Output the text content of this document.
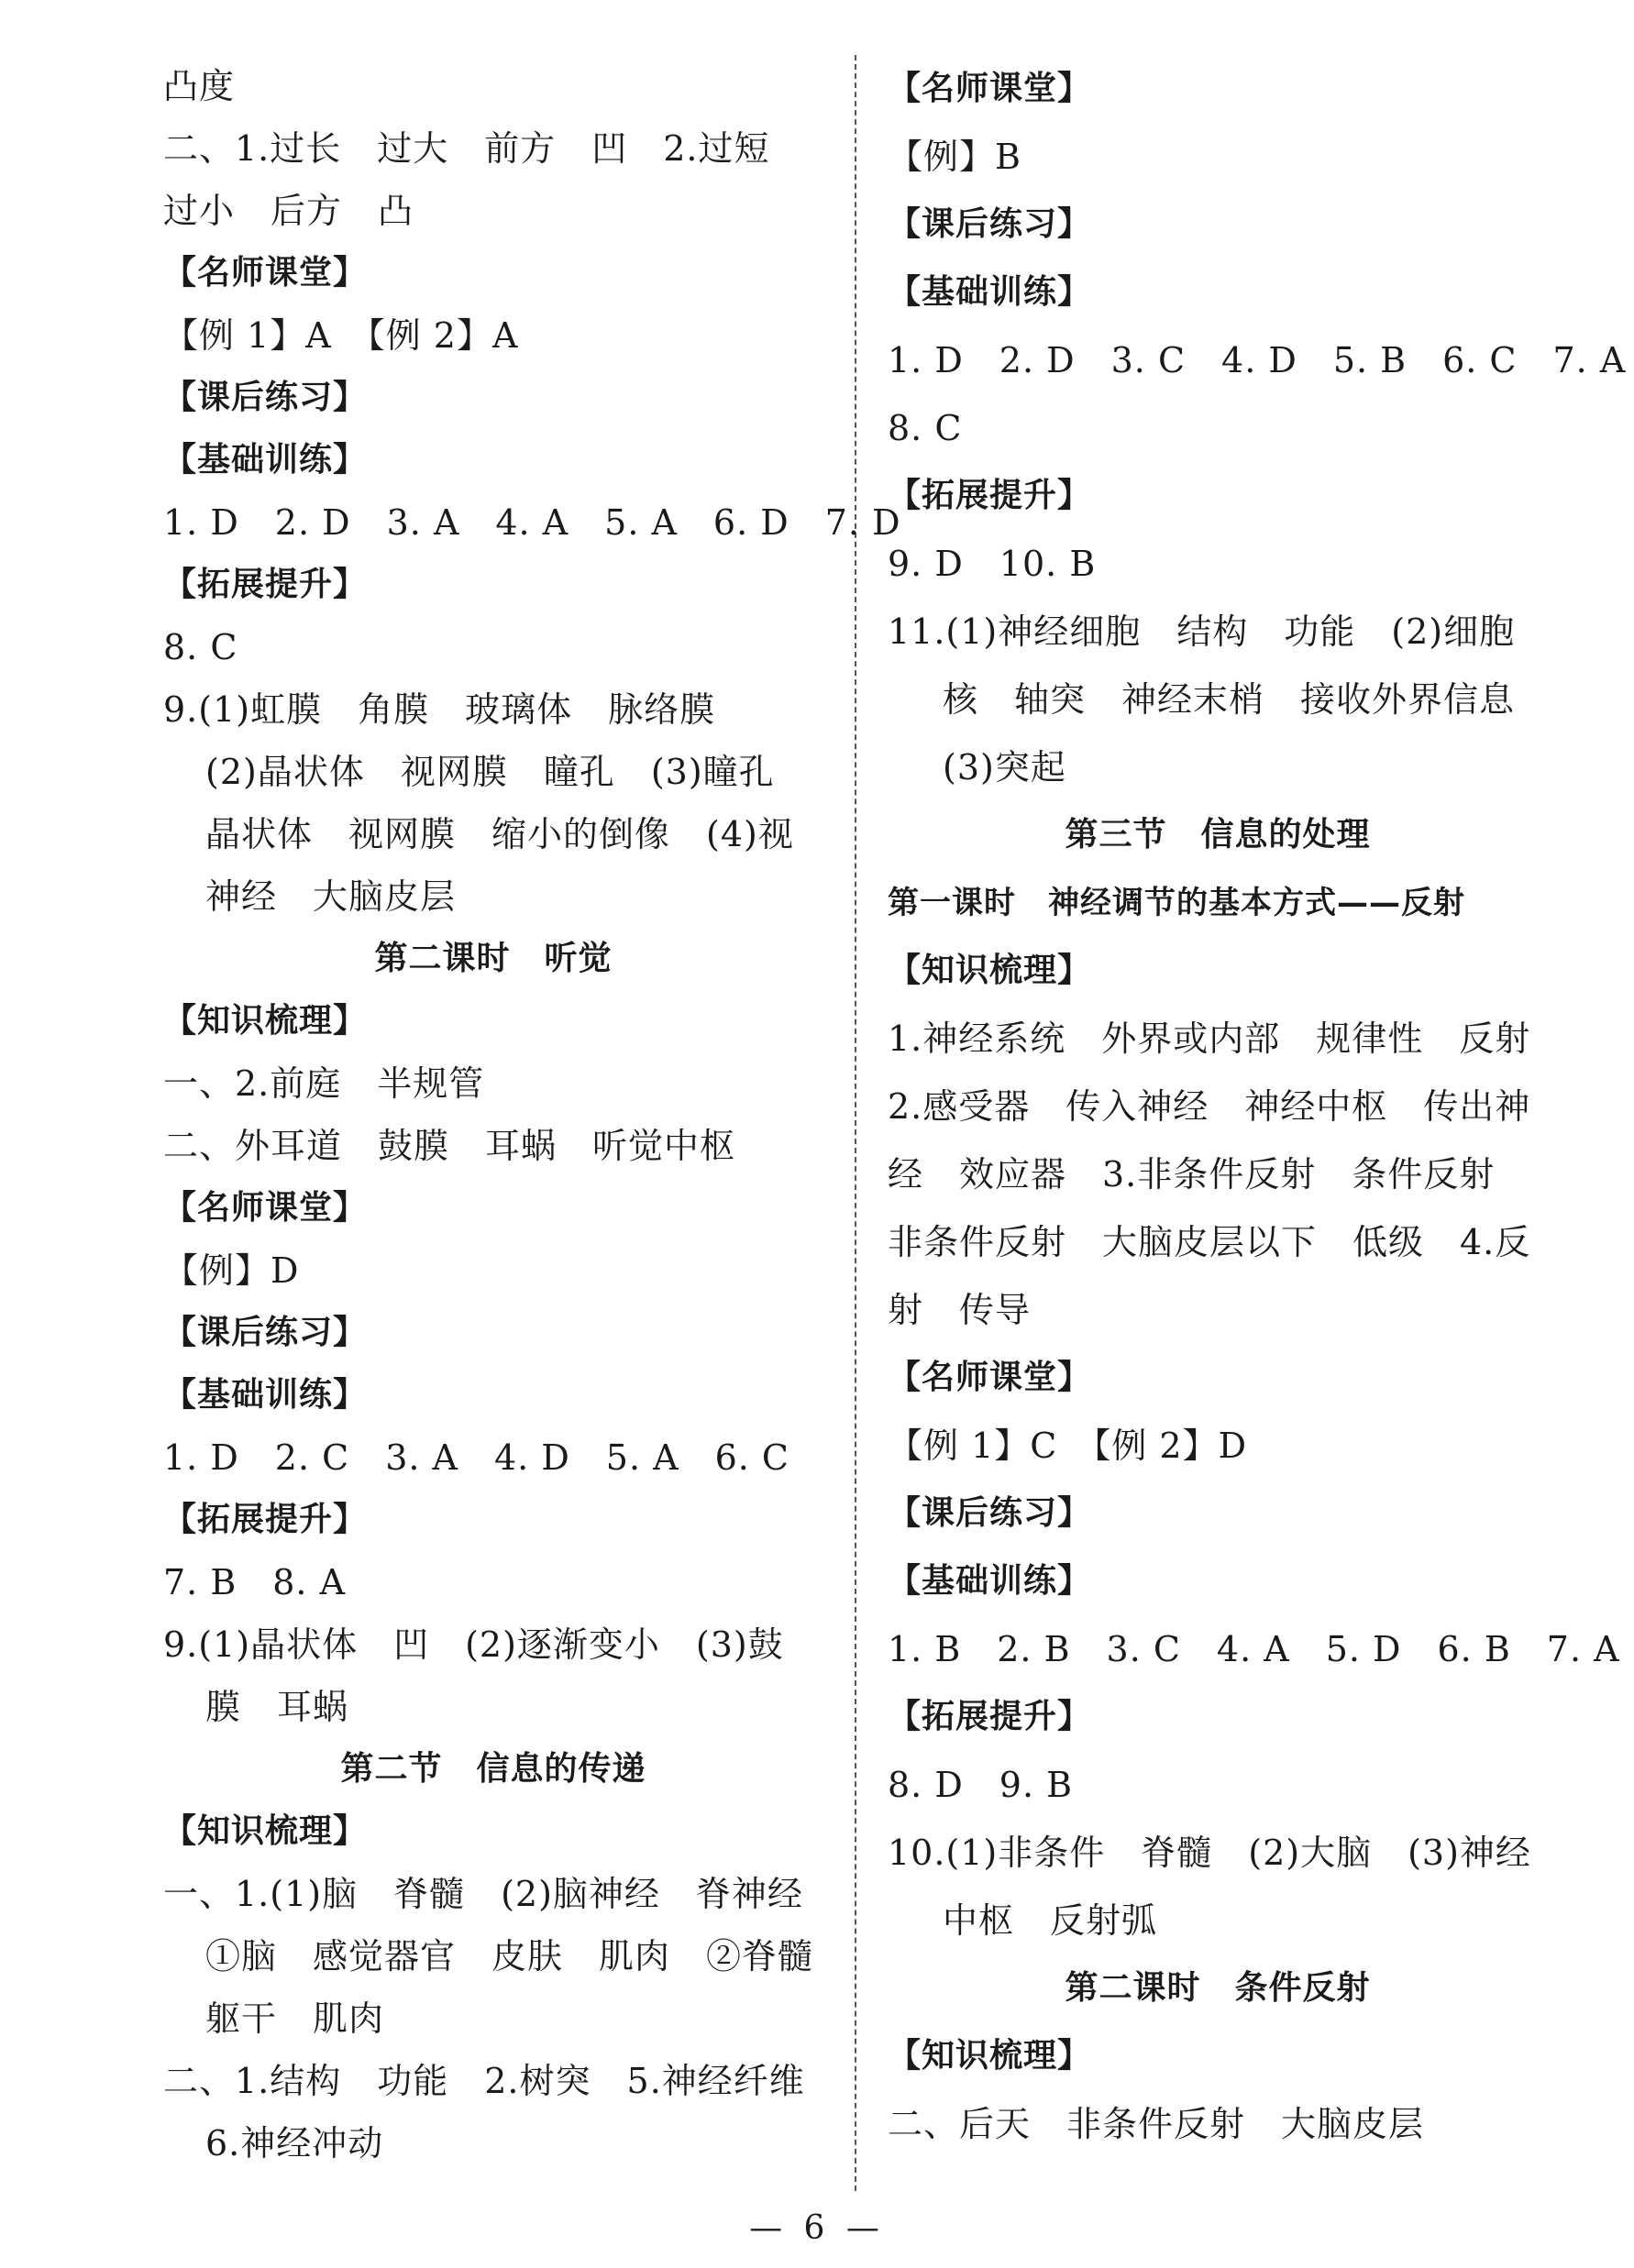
凸度
二、1.过长　过大　前方　凹　2.过短
过小　后方　凸
【名师课堂】
【例 1】A　【例 2】A
【课后练习】
【基础训练】
1. D　2. D　3. A　4. A　5. A　6. D　7. D
【拓展提升】
8. C
9.(1)虹膜　角膜　玻璃体　脉络膜
(2)晶状体　视网膜　瞳孔　(3)瞳孔
晶状体　视网膜　缩小的倒像　(4)视
神经　大脑皮层
第二课时　听觉
【知识梳理】
一、2.前庭　半规管
二、外耳道　鼓膜　耳蜗　听觉中枢
【名师课堂】
【例】D
【课后练习】
【基础训练】
1. D　2. C　3. A　4. D　5. A　6. C
【拓展提升】
7. B　8. A
9.(1)晶状体　凹　(2)逐渐变小　(3)鼓
膜　耳蜗
第二节　信息的传递
【知识梳理】
一、1.(1)脑　脊髓　(2)脑神经　脊神经
①脑　感觉器官　皮肤　肌肉　②脊髓
躯干　肌肉
二、1.结构　功能　2.树突　5.神经纤维
6.神经冲动
【名师课堂】
【例】B
【课后练习】
【基础训练】
1. D　2. D　3. C　4. D　5. B　6. C　7. A
8. C
【拓展提升】
9. D　10. B
11.(1)神经细胞　结构　功能　(2)细胞
核　轴突　神经末梢　接收外界信息
(3)突起
第三节　信息的处理
第一课时　神经调节的基本方式——反射
【知识梳理】
1.神经系统　外界或内部　规律性　反射
2.感受器　传入神经　神经中枢　传出神
经　效应器　3.非条件反射　条件反射
非条件反射　大脑皮层以下　低级　4.反
射　传导
【名师课堂】
【例 1】C　【例 2】D
【课后练习】
【基础训练】
1. B　2. B　3. C　4. A　5. D　6. B　7. A
【拓展提升】
8. D　9. B
10.(1)非条件　脊髓　(2)大脑　(3)神经
中枢　反射弧
第二课时　条件反射
【知识梳理】
二、后天　非条件反射　大脑皮层
— 6 —
